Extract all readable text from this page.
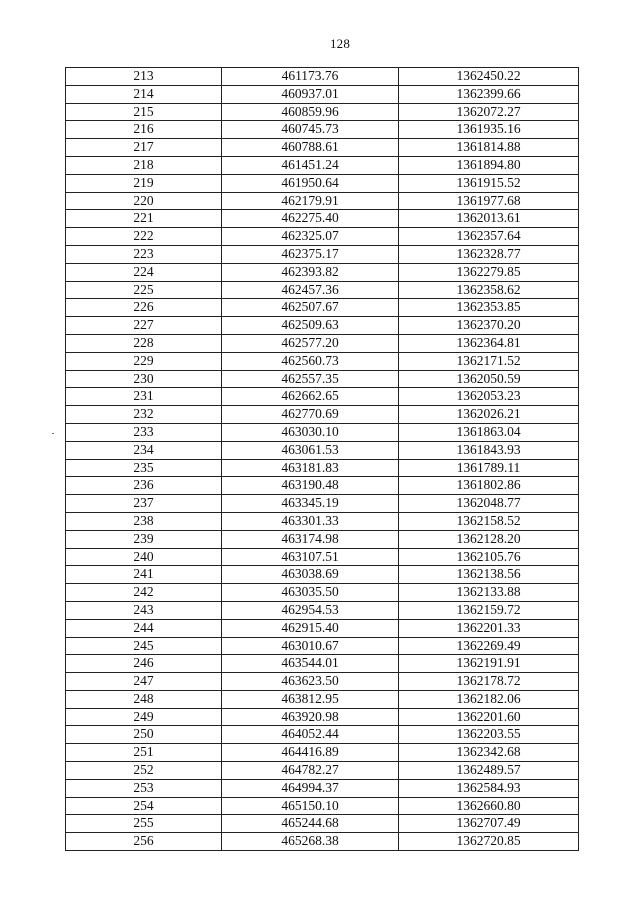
128
213	461173.76	1362450.22
214	460937.01	1362399.66
215	460859.96	1362072.27
216	460745.73	1361935.16
217	460788.61	1361814.88
218	461451.24	1361894.80
219	461950.64	1361915.52
220	462179.91	1361977.68
221	462275.40	1362013.61
222	462325.07	1362357.64
223	462375.17	1362328.77
224	462393.82	1362279.85
225	462457.36	1362358.62
226	462507.67	1362353.85
227	462509.63	1362370.20
228	462577.20	1362364.81
229	462560.73	1362171.52
230	462557.35	1362050.59
231	462662.65	1362053.23
232	462770.69	1362026.21
233	463030.10	1361863.04
234	463061.53	1361843.93
235	463181.83	1361789.11
236	463190.48	1361802.86
237	463345.19	1362048.77
238	463301.33	1362158.52
239	463174.98	1362128.20
240	463107.51	1362105.76
241	463038.69	1362138.56
242	463035.50	1362133.88
243	462954.53	1362159.72
244	462915.40	1362201.33
245	463010.67	1362269.49
246	463544.01	1362191.91
247	463623.50	1362178.72
248	463812.95	1362182.06
249	463920.98	1362201.60
250	464052.44	1362203.55
251	464416.89	1362342.68
252	464782.27	1362489.57
253	464994.37	1362584.93
254	465150.10	1362660.80
255	465244.68	1362707.49
256	465268.38	1362720.85
